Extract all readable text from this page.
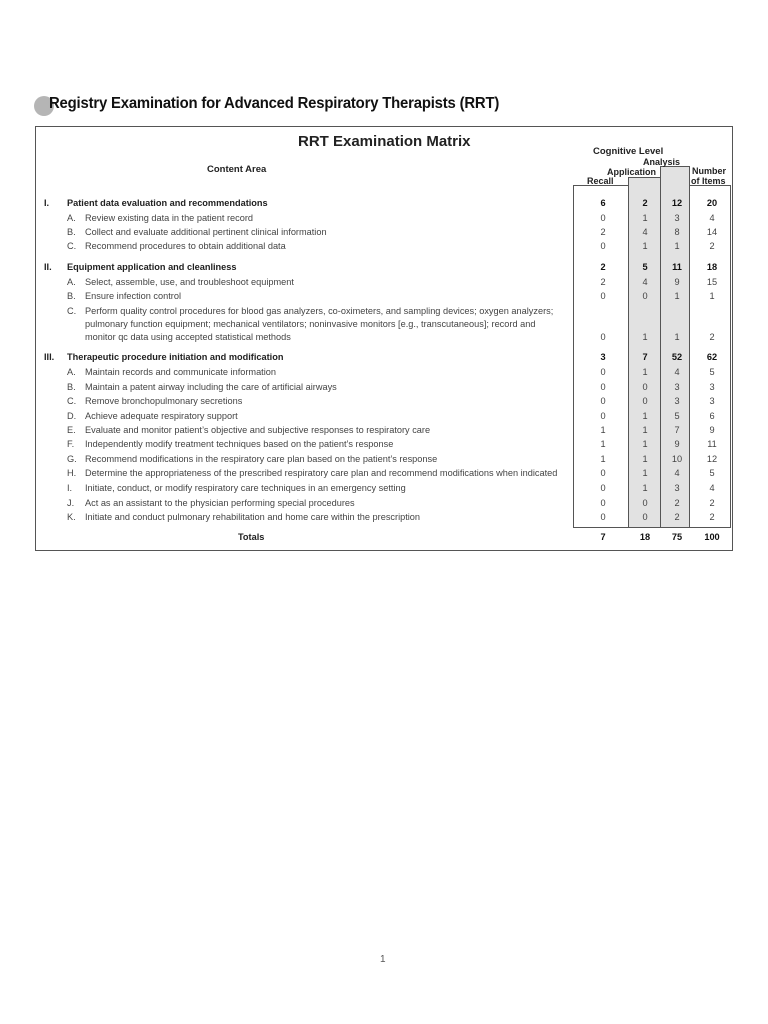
Registry Examination for Advanced Respiratory Therapists (RRT)
RRT Examination Matrix
Content Area
Cognitive Level
Analysis
Application
Recall
Number
of Items
I. Patient data evaluation and recommendations	6	2	12	20
A. Review existing data in the patient record	0	1	3	4
B. Collect and evaluate additional pertinent clinical information	2	4	8	14
C. Recommend procedures to obtain additional data	0	1	1	2
II. Equipment application and cleanliness	2	5	11	18
A. Select, assemble, use, and troubleshoot equipment	2	4	9	15
B. Ensure infection control	0	0	1	1
C. Perform quality control procedures for blood gas analyzers, co-oximeters, and sampling devices; oxygen analyzers;
pulmonary function equipment; mechanical ventilators; noninvasive monitors [e.g., transcutaneous]; record and
monitor qc data using accepted statistical methods	0	1	1	2
III. Therapeutic procedure initiation and modification	3	7	52	62
A. Maintain records and communicate information	0	1	4	5
B. Maintain a patent airway including the care of artificial airways	0	0	3	3
C. Remove bronchopulmonary secretions	0	0	3	3
D. Achieve adequate respiratory support	0	1	5	6
E. Evaluate and monitor patient’s objective and subjective responses to respiratory care	1	1	7	9
F. Independently modify treatment techniques based on the patient’s response	1	1	9	11
G. Recommend modifications in the respiratory care plan based on the patient’s response	1	1	10	12
H. Determine the appropriateness of the prescribed respiratory care plan and recommend modifications when indicated	0	1	4	5
I. Initiate, conduct, or modify respiratory care techniques in an emergency setting	0	1	3	4
J. Act as an assistant to the physician performing special procedures	0	0	2	2
K. Initiate and conduct pulmonary rehabilitation and home care within the prescription	0	0	2	2
Totals	7	18	75	100
1
